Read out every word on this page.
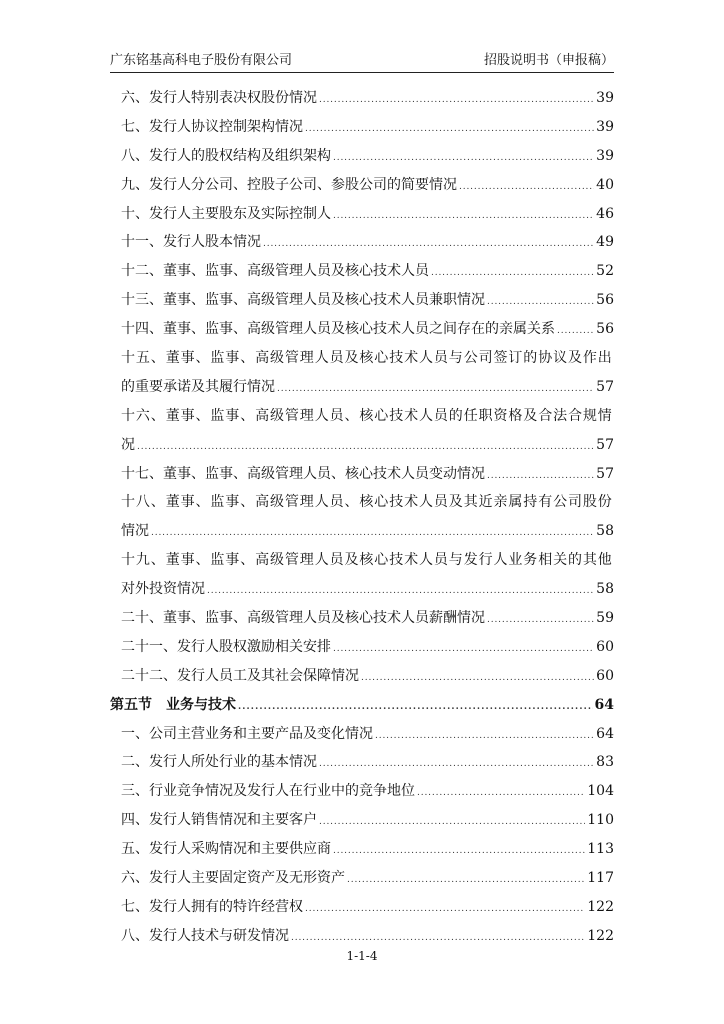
广东铭基高科电子股份有限公司	招股说明书（申报稿）
六、发行人特别表决权股份情况 . . .	39
七、发行人协议控制架构情况 . . .	39
八、发行人的股权结构及组织架构 . . .	39
九、发行人分公司、控股子公司、参股公司的简要情况 . . .	40
十、发行人主要股东及实际控制人 . . .	46
十一、发行人股本情况 . . .	49
十二、董事、监事、高级管理人员及核心技术人员 . . .	52
十三、董事、监事、高级管理人员及核心技术人员兼职情况 . . .	56
十四、董事、监事、高级管理人员及核心技术人员之间存在的亲属关系 . . .	56
十五、董事、监事、高级管理人员及核心技术人员与公司签订的协议及作出
的重要承诺及其履行情况 . . .	57
十六、董事、监事、高级管理人员、核心技术人员的任职资格及合法合规情
况 . . .	57
十七、董事、监事、高级管理人员、核心技术人员变动情况 . . .	57
十八、董事、监事、高级管理人员、核心技术人员及其近亲属持有公司股份
情况 . . .	58
十九、董事、监事、高级管理人员及核心技术人员与发行人业务相关的其他
对外投资情况 . . .	58
二十、董事、监事、高级管理人员及核心技术人员薪酬情况 . . .	59
二十一、发行人股权激励相关安排 . . .	60
二十二、发行人员工及其社会保障情况 . . .	60
第五节　业务与技术 . . .	64
一、公司主营业务和主要产品及变化情况 . . .	64
二、发行人所处行业的基本情况 . . .	83
三、行业竞争情况及发行人在行业中的竞争地位 . . .	104
四、发行人销售情况和主要客户 . . .	110
五、发行人采购情况和主要供应商 . . .	113
六、发行人主要固定资产及无形资产 . . .	117
七、发行人拥有的特许经营权 . . .	122
八、发行人技术与研发情况 . . .	122
1-1-4
